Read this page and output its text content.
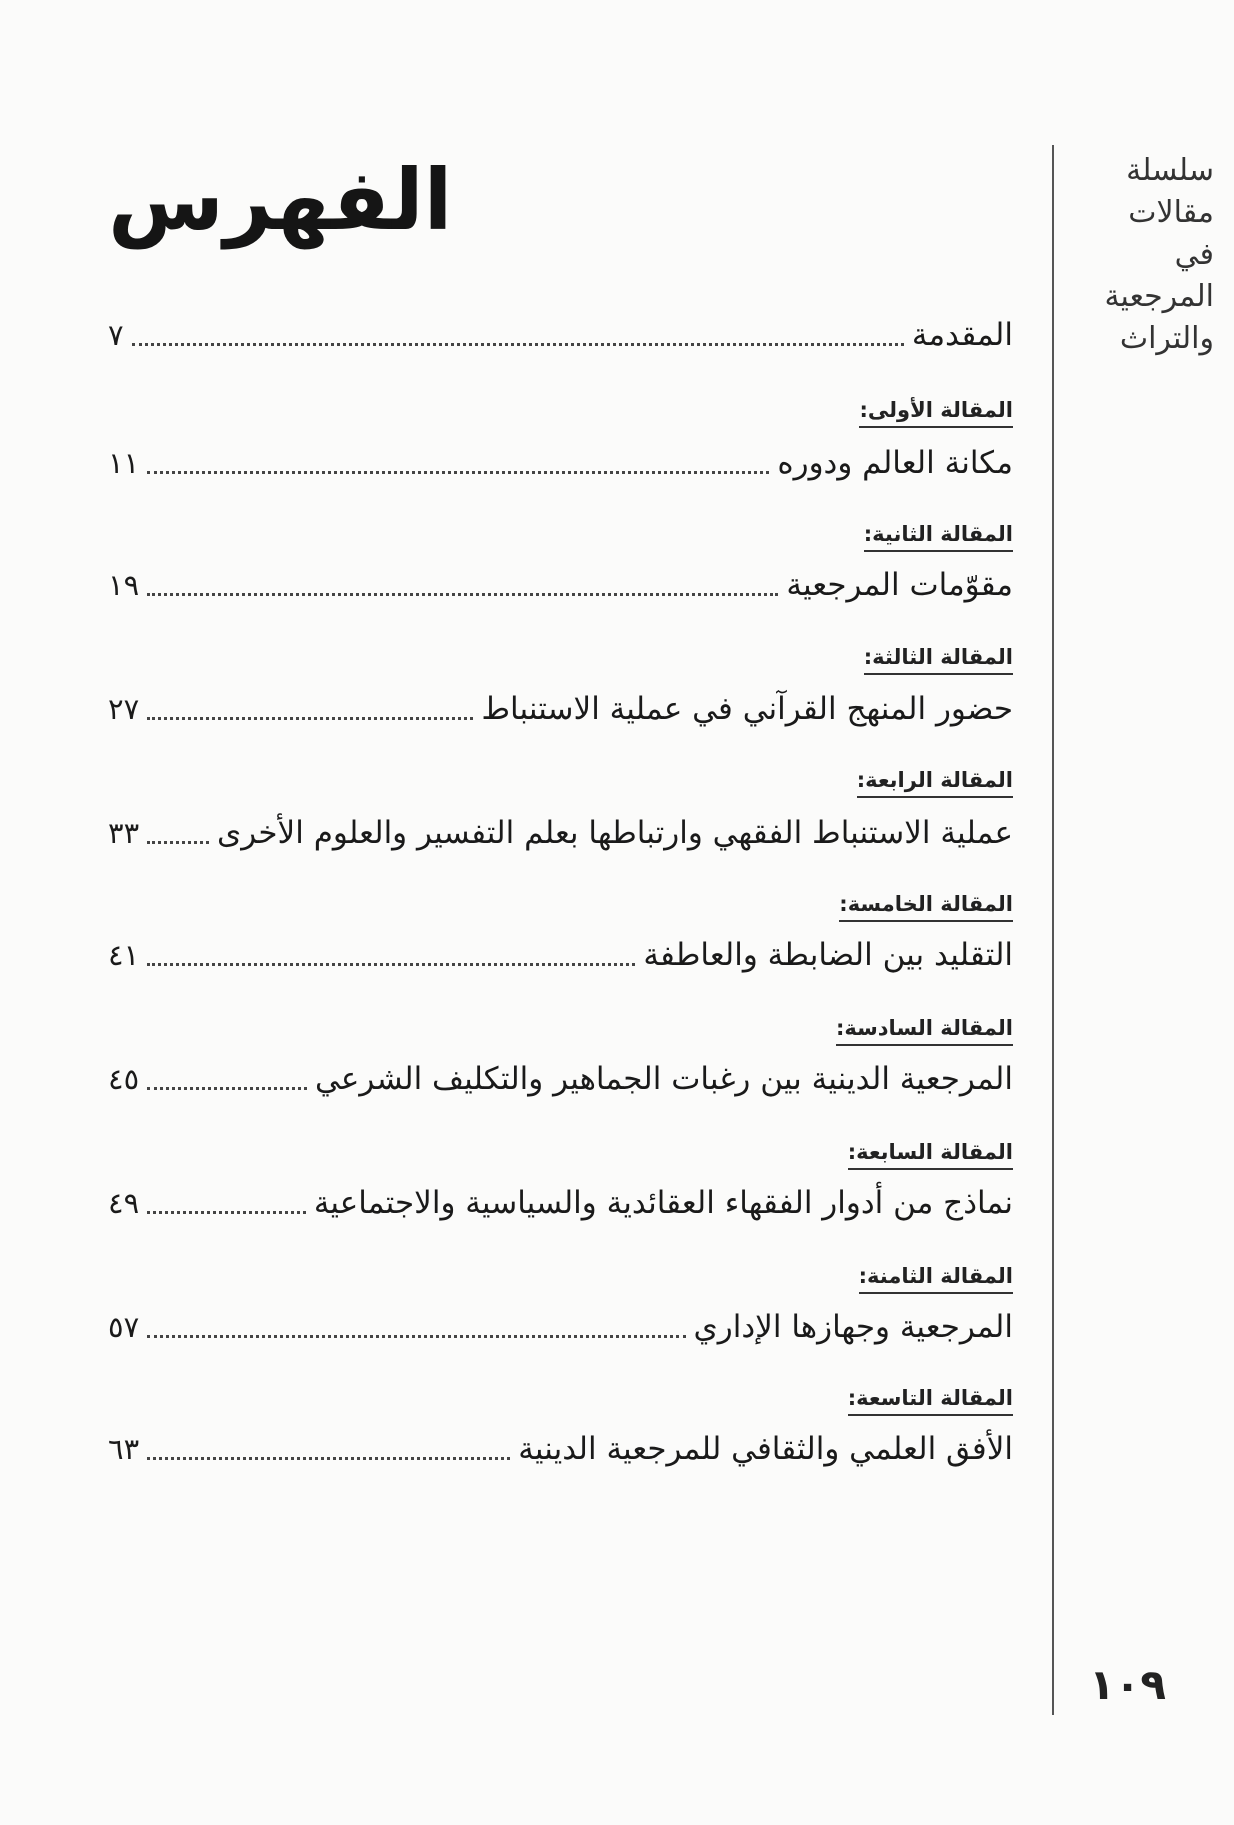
سلسلة
مقالات
في
المرجعية
والتراث
١٠٩
الفهرس
المقدمة
٧
المقالة الأولى:
مكانة العالم ودوره
١١
المقالة الثانية:
مقوّمات المرجعية
١٩
المقالة الثالثة:
حضور المنهج القرآني في عملية الاستنباط
٢٧
المقالة الرابعة:
عملية الاستنباط الفقهي وارتباطها بعلم التفسير والعلوم الأخرى
٣٣
المقالة الخامسة:
التقليد بين الضابطة والعاطفة
٤١
المقالة السادسة:
المرجعية الدينية بين رغبات الجماهير والتكليف الشرعي
٤٥
المقالة السابعة:
نماذج من أدوار الفقهاء العقائدية والسياسية والاجتماعية
٤٩
المقالة الثامنة:
المرجعية وجهازها الإداري
٥٧
المقالة التاسعة:
الأفق العلمي والثقافي للمرجعية الدينية
٦٣
